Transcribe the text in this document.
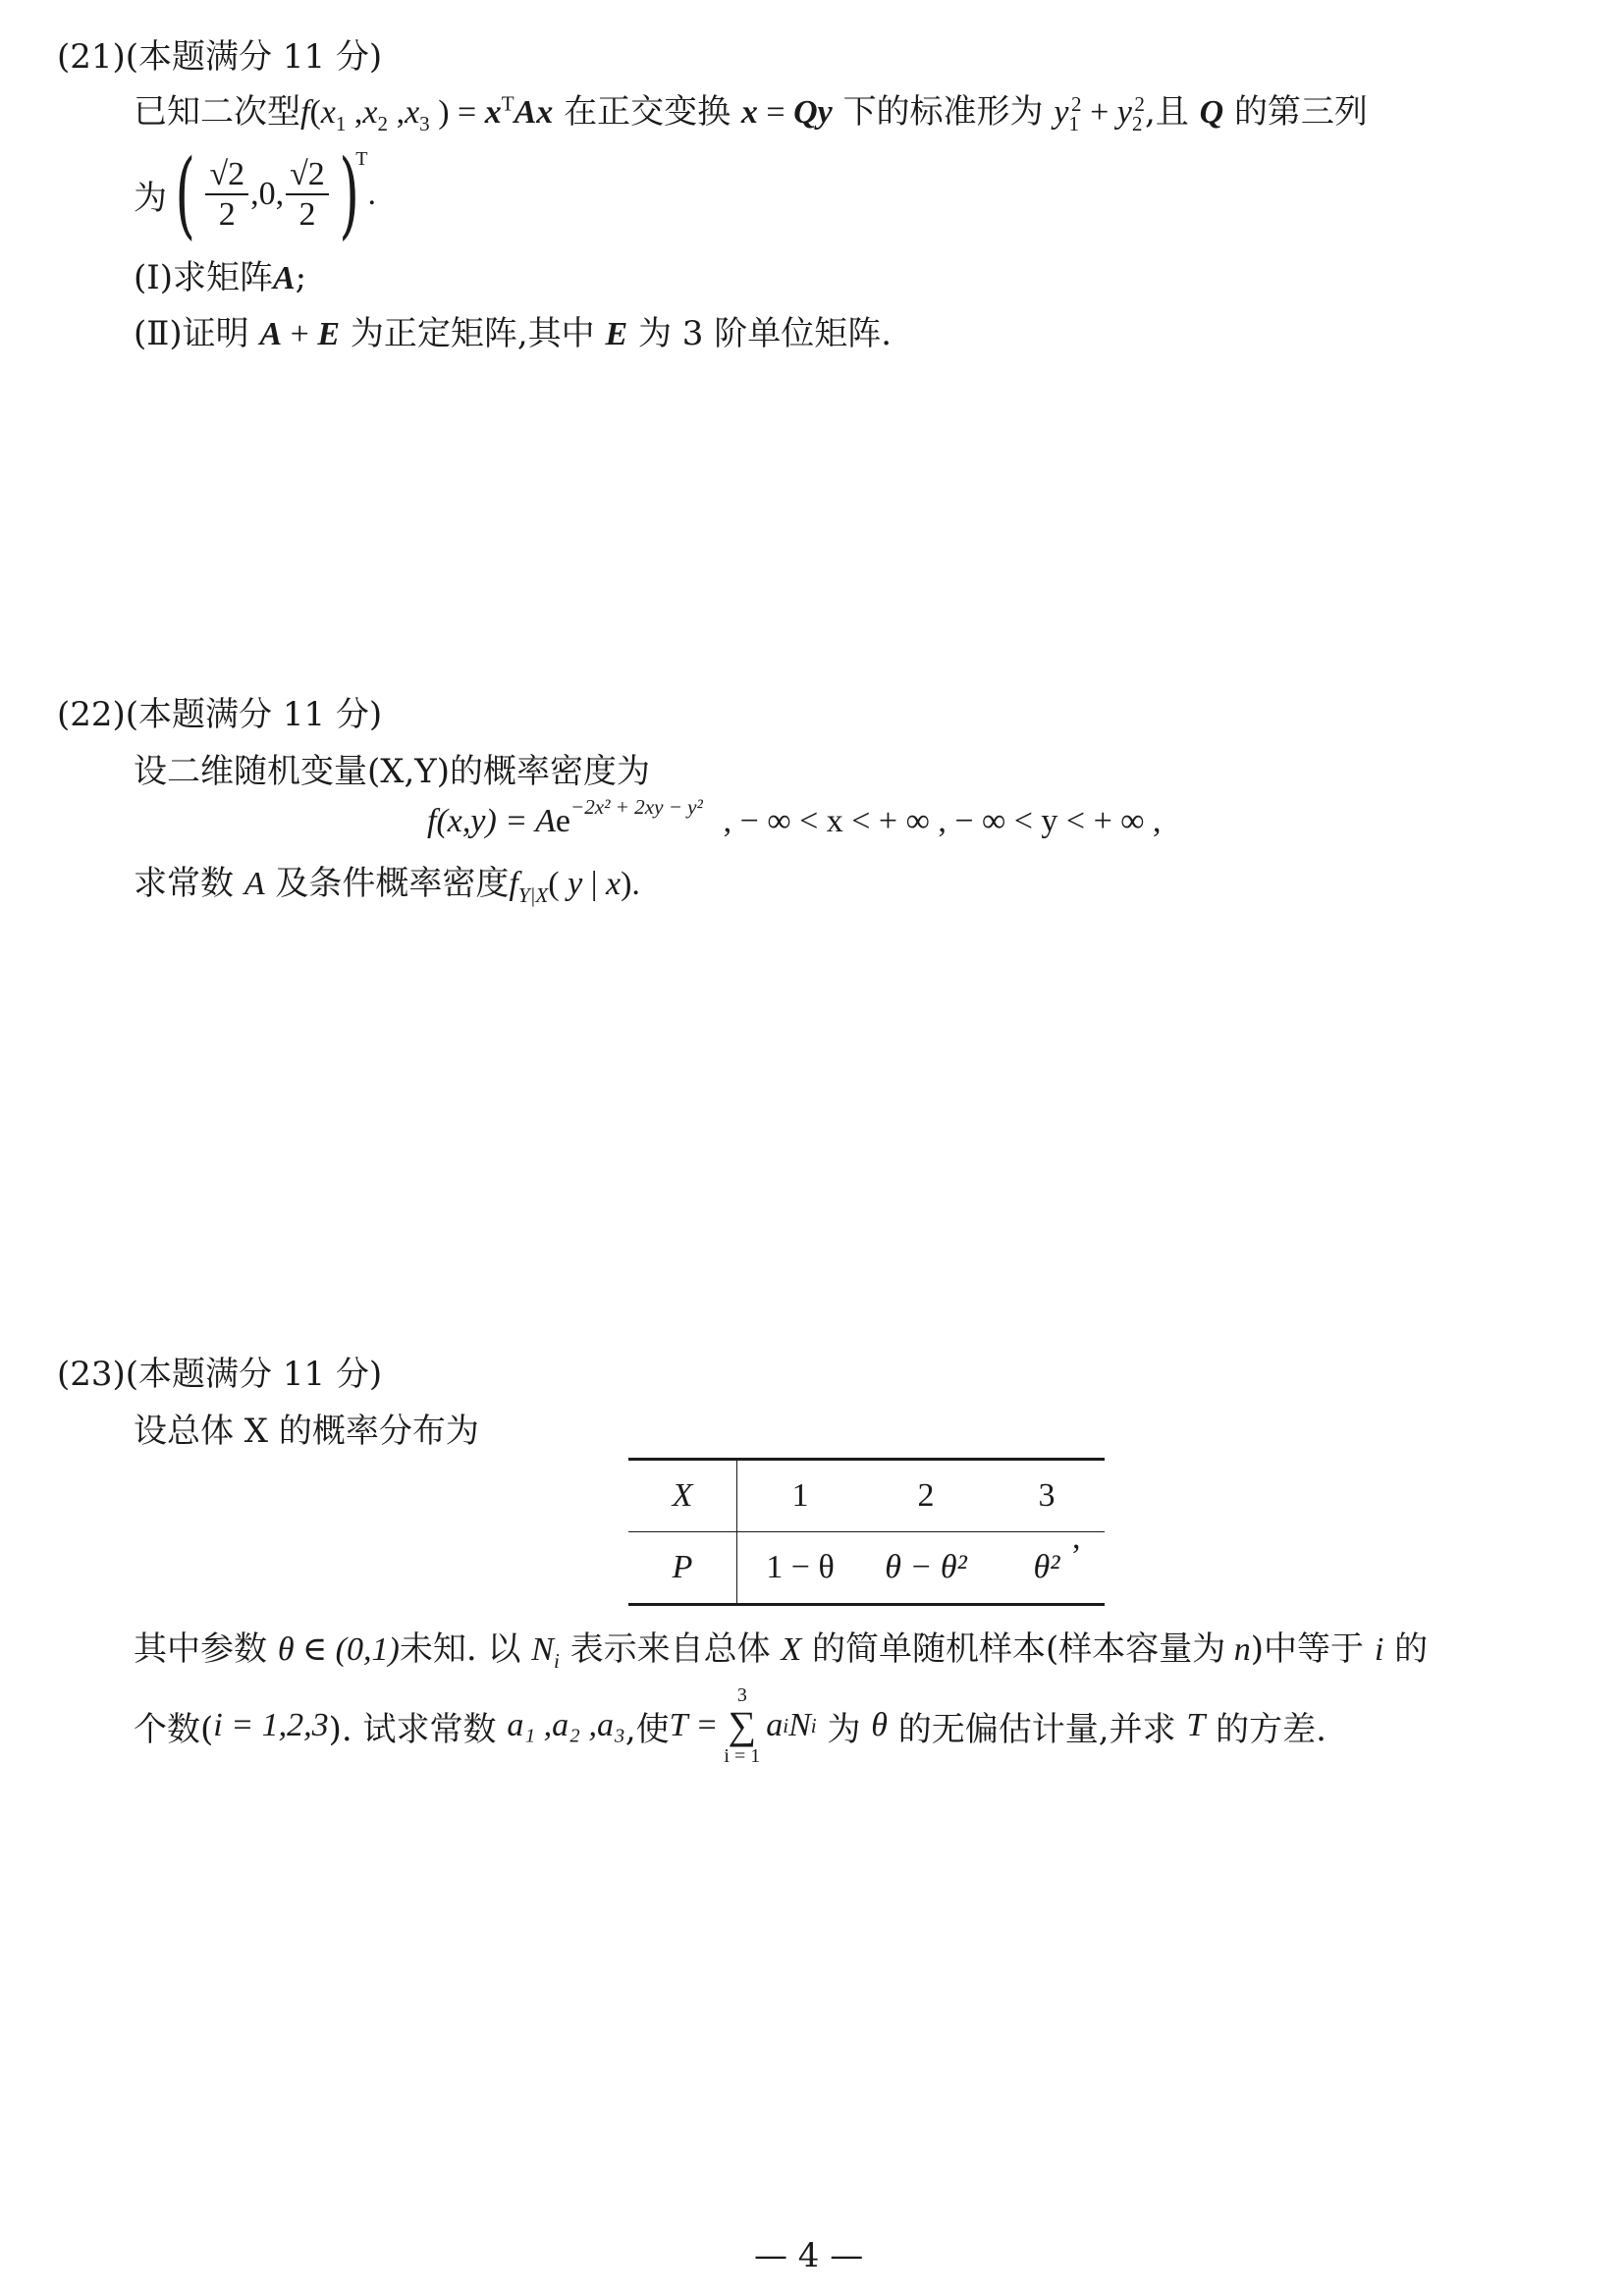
(21)(本题满分 11 分)
已知二次型$f(x_1$ $,x_2$ $,x_3$ ) = $x^TAx$ 在正交变换 x = Qy 下的标准形为 $y_1^2 + y_2^2$,且 Q 的第三列
为 ( $\frac{√2}{2} ,0$, $\frac{√2}{2}$ )
T
.
(Ⅰ)求矩阵A;
(Ⅱ)证明 A + E 为正定矩阵,其中 E 为 3 阶单位矩阵.
(22)(本题满分 11 分)
设二维随机变量(X,Y)的概率密度为
$f(x,y) = Ae^{-2x^2 + 2xy - y^2}$ , − ∞ < x < + ∞ , − ∞ < y < + ∞ ,
求常数 A 及条件概率密度$f_{Y|X}$( y | x).
(23)(本题满分 11 分)
设总体 X 的概率分布为
X	1	2	3
P	1 − θ	θ − θ²	θ²
,
其中参数 θ ∈ (0,1)未知. 以 $N_i$ 表示来自总体 X 的简单随机样本(样本容量为 n)中等于 i 的
个数( i = 1,2,3 ). 试求常数
a₁ ,a₂ ,a₃ ,使 T =
3
∑
i = 1
a i N i
为
θ
的无偏估计量,并求
T
的方差.
— 4 —
